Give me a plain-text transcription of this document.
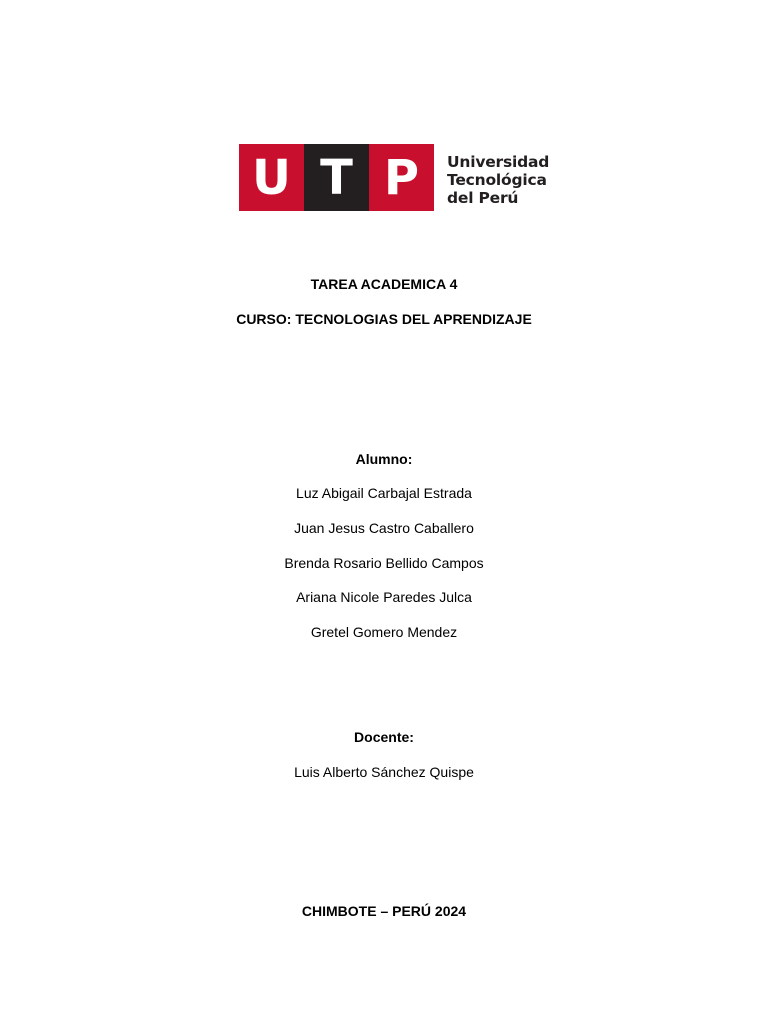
U T P	Universidad
Tecnológica
del Perú
TAREA ACADEMICA 4
CURSO: TECNOLOGIAS DEL APRENDIZAJE
Alumno:
Luz Abigail Carbajal Estrada
Juan Jesus Castro Caballero
Brenda Rosario Bellido Campos
Ariana Nicole Paredes Julca
Gretel Gomero Mendez
Docente:
Luis Alberto Sánchez Quispe
CHIMBOTE – PERÚ 2024
